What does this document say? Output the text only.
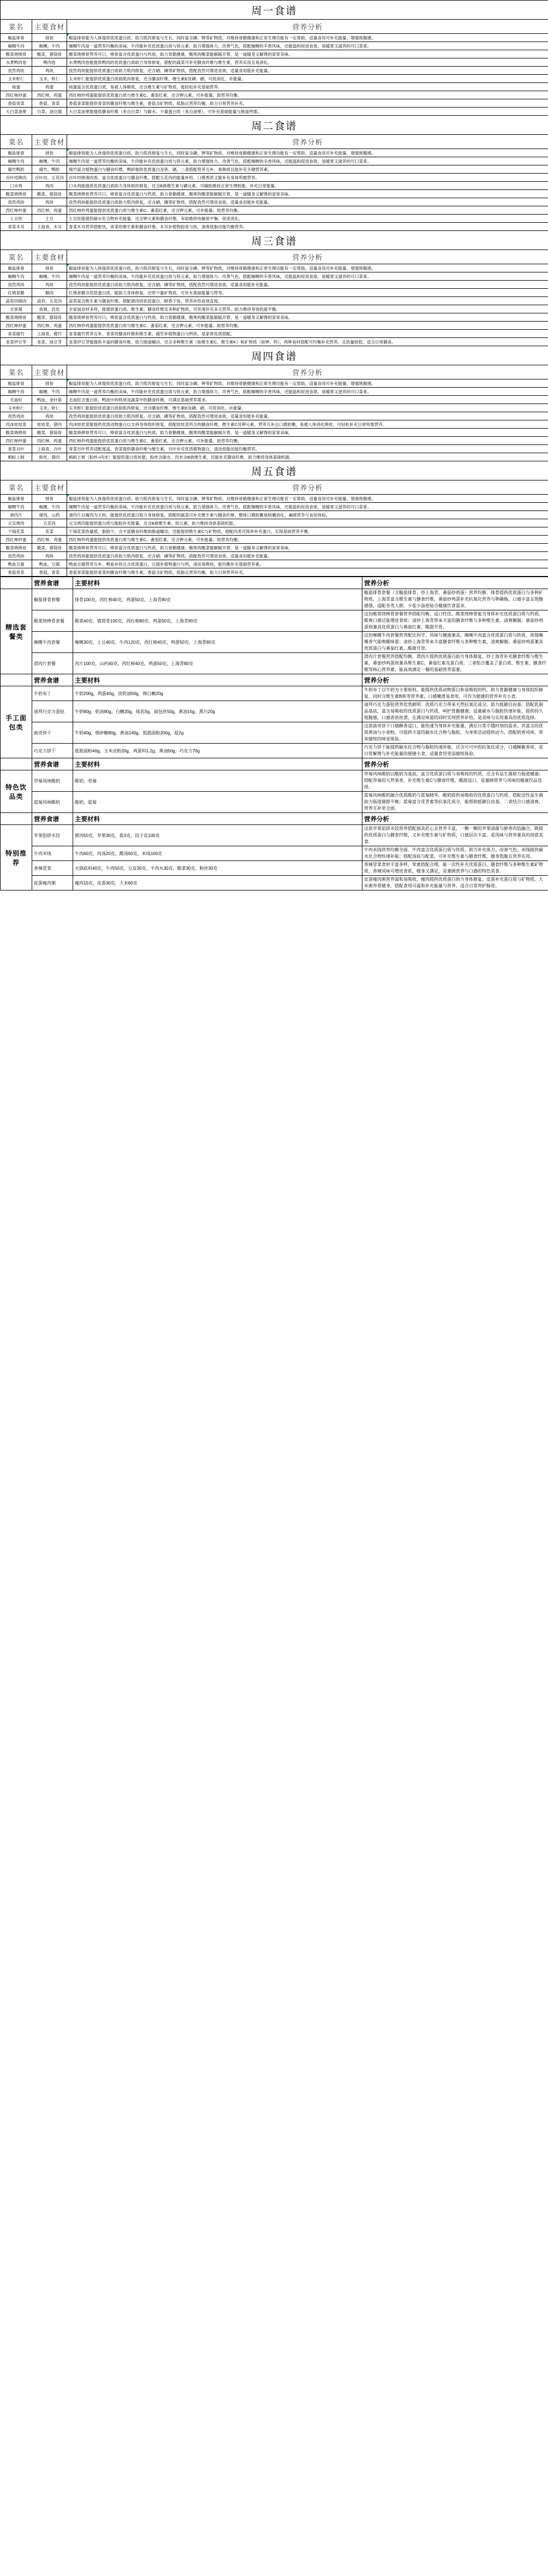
周一食谱		
菜名	主要食材	营养分析
椒盐排骨	排骨	椒盐排骨能为人体提供优质蛋白质，助力肌肉修复与生长，同时富含磷、钾等矿物质，对维持骨骼健康和正常生理功能有一定帮助，适量食用可补充能量、增强饱腹感。
咖喱牛肉	咖喱，牛肉	咖喱牛肉是一道营养均衡的美味，牛肉能补充优质蛋白质与铁元素，助力增强体力、改善气色，搭配咖喱的辛香风味，还能温和促进食欲，是暖胃又滋养的可口菜肴。
酸菜烧棒骨	酸菜，猪筒骨	酸菜烧棒骨营养可口，棒骨富含优质蛋白与钙质，助力骨骼健康，酸爽的酸菜能解腻开胃，是一道暖身又解馋的家常美味。
水煮鸭肉卷	鸭肉卷	水煮鸭肉卷能提供鸭肉的优质蛋白质助力身体修复，搭配的蔬菜可补充膳食纤维与维生素，营养实用且易消化。
孜然鸡块	鸡块	孜然鸡块能提供优质蛋白质助力肌肉修复，还含硒、磷等矿物质，搭配孜然可增进食欲，适量食用能补充能量。
玉米虾仁	玉米，虾仁	玉米虾仁能提供优质蛋白质助肌肉修复，还含膳食纤维、维生素E及磷、硒，可促消化、补能量。
炖蛋	鸡蛋	炖蛋富含优质蛋白质，易被人体吸收，还含维生素与矿物质，能轻松补充基础营养。
西红柿炒蛋	西红柿，鸡蛋	西红柿炒鸡蛋能提供优质蛋白质与维生素C、番茄红素，还含钾元素，可补能量、助营养均衡。
香菇青菜	香菇，青菜	香菇青菜能提供青菜的膳食纤维与维生素，香菇含矿物质，低脂且营养均衡，助力日常营养补充。
大白菜油果	白菜，油豆腐	大白菜油果能提供膳食纤维（来自白菜）与碳水、少量蛋白质（来自油果），可补充基础能量与肠道所需。
周二食谱		
菜名	主要食材	营养分析
椒盐排骨	排骨	椒盐排骨能为人体提供优质蛋白质，助力肌肉修复与生长，同时富含磷、钾等矿物质，对维持骨骼健康和正常生理功能有一定帮助，适量食用可补充能量、增强饱腹感。
咖喱牛肉	咖喱，牛肉	咖喱牛肉是一道营养均衡的美味，牛肉能补充优质蛋白质与铁元素，助力增强体力、改善气色，搭配咖喱的辛香风味，还能温和促进食欲，是暖胃又滋养的可口菜肴。
腐竹鸭胗	腐竹，鸭胗	腐竹富含植物蛋白与膳食纤维，鸭胗提供优质蛋白及铁、硒，二者搭配营养互补，易吸收且能补充关键营养素。
百叶结烧肉	百叶结，五花肉	百叶结吸满肉香，富含优质蛋白与膳食纤维，搭配五花肉的能量补给，口感香浓又能补充身体所需营养。
口水鸡	鸡肉	口水鸡能提供优质蛋白质助力身体组织修复，还含B族维生素与磷元素，可辅助维持正常生理机能，补充日常能量。
酸菜烧棒骨	酸菜，猪筒骨	酸菜烧棒骨营养可口，棒骨富含优质蛋白与钙质，助力骨骼健康，酸爽的酸菜能解腻开胃，是一道暖身又解馋的家常美味。
孜然鸡块	鸡块	孜然鸡块能提供优质蛋白质助力肌肉修复，还含硒、磷等矿物质，搭配孜然可增进食欲，适量食用能补充能量。
西红柿炒蛋	西红柿，鸡蛋	西红柿炒鸡蛋能提供优质蛋白质与维生素C、番茄红素，还含钾元素，可补能量、助营养均衡。
土豆丝	土豆	土豆丝能提供碳水化合物补充能量，还含钾元素和膳食纤维，有助维持电解质平衡、促进消化。
青菜木耳	上海青，木耳	青菜木耳营养搭配忧，青菜给维生素和膳食纤维，木耳补植物胶质与铁，清爽低脂还能均衡营养。
周三食谱		
菜名	主要食材	营养分析
椒盐排骨	排骨	椒盐排骨能为人体提供优质蛋白质，助力肌肉修复与生长，同时富含磷、钾等矿物质，对维持骨骼健康和正常生理功能有一定帮助，适量食用可补充能量、增强饱腹感。
咖喱牛肉	咖喱，牛肉	咖喱牛肉是一道营养均衡的美味，牛肉能补充优质蛋白质与铁元素，助力增强体力、改善气色，搭配咖喱的辛香风味，还能温和促进食欲，是暖胃又滋养的可口菜肴。
孜然鸡块	鸡块	孜然鸡块能提供优质蛋白质助力肌肉修复，还含硒、磷等矿物质，搭配孜然可增进食欲，适量食用能补充能量。
红烧老鹅	鹅肉	红烧老鹅含优质蛋白质，能助力身体修复，还带少量矿物质，可补允基础能量与营养。
蒜苔回锅肉	蒜苔，五花肉	蒜苔富含维生素与膳食纤维，搭配猪肉的优质蛋白，鲜香下饭，营养补给高效直接。
全家福	鱼圆，肉皮	全家福食材多样，能提供蛋白质、维生素、膳食纤维及多种矿物质，可快速补充多元营养，助力维持身体机能平衡。
酸菜烧棒骨	酸菜，猪筒骨	酸菜烧棒骨营养可口，棒骨富含优质蛋白与钙质，助力骨骼健康，酸爽的酸菜能解腻开胃，是一道暖身又解馋的家常美味。
西红柿炒蛋	西红柿，鸡蛋	西红柿炒鸡蛋能提供优质蛋白质与维生素C、番茄红素，还含钾元素，可补能量、助营养均衡。
青菜腐竹	上海青，腐竹	青菜腐竹营养互补，青菜给膳食纤维和维生素，腐竹补植物蛋白与钙铁，是家常优质搭配。
韭菜炒豆芽	韭菜，绿豆芽	韭菜炒豆芽能提供丰富的膳食纤维，助力肠道蠕动，还含多种维生素（如维生素C、维生素K）和矿物质（如钾、钙），两种食材搭配可均衡补充营养，且热量较低，适合日常膳食。
周四食谱		
菜名	主要食材	营养分析
椒盐排骨	排骨	椒盐排骨能为人体提供优质蛋白质，助力肌肉修复与生长，同时富含磷、钾等矿物质，对维持骨骼健康和正常生理功能有一定帮助，适量食用可补充能量、增强饱腹感。
咖喱牛肉	咖喱，牛肉	咖喱牛肉是一道营养均衡的美味，牛肉能补充优质蛋白质与铁元素，助力增强体力、改善气色，搭配咖喱的辛香风味，还能温和促进食欲，是暖胃又滋养的可口菜肴。
毛血旺	鸭血，金针菇	毛血旺含蛋白质、鸭血中的铁质及蔬菜中的膳食纤维，可满足基础营养需求。
玉米虾仁	玉米，虾仁	玉米虾仁能提供优质蛋白质助肌肉修复，还含膳食纤维、维生素E及磷、硒，可促消化、补能量。
孜然鸡块	鸡块	孜然鸡块能提供优质蛋白质助力肌肉修复，还含硒、磷等矿物质，搭配孜然可增进食欲，适量食用能补充能量。
肉沫娃娃菜	娃娃菜，猪肉	肉沫娃娃菜能提供优质动物蛋白以支持身体组织修复，搭配娃娃菜所含的膳食纤维、维生素C及钾元素，营养互补且口感软嫩，易被人体消化吸收，可轻松补充日常所需营养。
酸菜烧棒骨	酸菜，猪筒骨	酸菜烧棒骨营养可口，棒骨富含优质蛋白与钙质，助力骨骼健康，酸爽的酸菜能解腻开胃，是一道暖身又解馋的家常美味。
西红柿炒蛋	西红柿，鸡蛋	西红柿炒鸡蛋能提供优质蛋白质与维生素C、番茄红素，还含钾元素，可补能量、助营养均衡。
青菜百叶	上海青，百叶	青菜百叶营养适配度高，青菜提供膳食纤维与维生素，百叶补充优质植物蛋白，清淡低脂还能均衡营养。
蚂蚁上树	粉丝，猪肉	蚂蚁上树（粉丝+肉末）能提供蛋白质补能，粉丝含碳水、肉末含B族维生素，还能补充膳食纤维，助力维持身体基础机能。
周五食谱		
菜名	主要食材	营养分析
椒盐排骨	排骨	椒盐排骨能为人体提供优质蛋白质，助力肌肉修复与生长，同时富含磷、钾等矿物质，对维持骨骼健康和正常生理功能有一定帮助，适量食用可补充能量、增强饱腹感。
咖喱牛肉	咖喱，牛肉	咖喱牛肉是一道营养均衡的美味，牛肉能补充优质蛋白质与铁元素，助力增强体力、改善气色，搭配咖喱的辛香风味，还能温和促进食欲，是暖胃又滋养的可口菜肴。
滑肉片	猪肉，山药	滑肉片以瘦肉为主料，能提供优质蛋白助力身体修复，搭配的蔬菜可补充维生素与膳食纤维，整体口感软嫩易咀嚼消化，兼顾营养与食用体验。
元宝烧肉	五花肉	元宝烧肉能提供蛋白质与脂肪补充能量，还含B族维生素、铁元素，助力维持身体基础机能。
干锅花菜	花菜	干锅花菜热量低、脂肪少，含丰富膳食纤维助肠道蠕动，还能提供维生素C与矿物质，搭配肉类可简单补充蛋白，实现基础营养平衡。
西红柿炒蛋	西红柿，鸡蛋	西红柿炒鸡蛋能提供优质蛋白质与维生素C、番茄红素，还含钾元素，可补能量、助营养均衡。
酸菜烧棒骨	酸菜，猪筒骨	酸菜烧棒骨营养可口，棒骨富含优质蛋白与钙质，助力骨骼健康，酸爽的酸菜能解腻开胃，是一道暖身又解馋的家常美味。
孜然鸡块	鸡块	孜然鸡块能提供优质蛋白质助力肌肉修复，还含硒、磷等矿物质，搭配孜然可增进食欲，适量食用能补充能量。
鸭血豆腐	鸭血，豆腐	鸭血豆腐营养互补，鸭血补铁且含优质蛋白，豆腐补植物蛋白与钙，清淡易吸收，能均衡补充基础营养素。
香菇青菜	香菇，青菜	香菇青菜能提供青菜的膳食纤维与维生素，香菇含矿物质，低脂且营养均衡，助力日常营养补充。
	营养食谱	主要材料	营养分析
精选套餐类	椒盐排骨套餐	排骨100克，西红柿40克，鸡蛋50克，上海青80克	椒盐排骨套餐（含椒盐排骨、炒上海青、番茄炒鸡蛋）营养均衡，排骨提供优质蛋白与多种矿物质，上海青富含维生素与膳食纤维，番茄炒鸡蛋补充抗氧化营养与卵磷脂，口感丰富且饱腹感强，适配各类人群，少盐少油更贴合健康饮食需求。
	酸菜烧棒骨套餐	酸菜40克，猪筒骨100克，西红柿80克，鸡蛋50克，上海青80克	这份酸菜烧棒骨套餐营养搭配均衡，适口性佳。酸菜烧棒骨能为身体补充优质蛋白质与钙质，酸爽口感还能增进食欲；清炒上海青带来丰富的膳食纤维与多种维生素，清爽解腻；番茄炒鸡蛋则兼具优质蛋白与番茄红素，酸甜开胃。
	咖喱牛肉套餐	咖喱30克，土豆40克，牛肉120克，西红柿40克，鸡蛋50克，上海青80克	这份咖喱牛肉套餐营养配比科学，风味与健康兼具。咖喱牛肉富含优质蛋白质与铁质，浓郁咖喱香气能唤醒味蕾；清炒上海青带来丰富膳食纤维与多种维生素，清爽解腻；番茄炒鸡蛋兼具优质蛋白与番茄红素，酸甜开胃。
	滑肉片套餐	肉片100克，山药40克，西红柿40克，鸡蛋50克，上海青80克	滑肉片套餐营养搭配均衡，滑肉片提供优质蛋白助力身体修复，炒上海青补充膳食纤维与维生素，番茄炒鸡蛋则兼具维生素C、番茄红素及蛋白质，三者组合覆盖了蛋白质、维生素、膳食纤维等核心营养素，能高效满足一餐的基础营养需要。
	营养食谱	主要材料	营养分析
手工面包类	牛奶布丁	牛奶200g，鸡蛋40g，淡奶油50g，绵白糖20g	牛奶布丁以牛奶为主要原料，能提供优质动物蛋白和易吸收的钙，助力骨骼健康与身体组织修复，同时含维生素B族等营养素，口感嫩滑易食用，可作为便捷的营养补充小食。
	迪拜巧克力蛋挞	牛奶80g，奶油90g，白糖20g，炼乳5g，面包丝50g，黄油15g，黑巧20g	迪拜巧克力蛋挞营养优势鲜明：优质巧克力带来天然抗氧化成分，助力抵御自由基；搭配乳制品基底，富含易吸收的优质蛋白与钙质，呵护骨骼健康；适量碳水与脂肪快速补能、提供持久饱腹感，口感香浓丝滑，在满足味蕾的同时实现营养补给，是美味与实用兼具的优质选择。
	曲奇饼干	牛奶40g，细砂糖80g，黄油140g，低筋面粉200g，盐2g	这款曲奇饼干口感酥香适口，能快速为身体补充能量，满足日常小饿时刻的需求。其富含的优质黄油与小麦粉，可提供丰富的碳水化合物与脂肪，为身体活动提供动力，搭配奶香风味，带来愉悦的味觉体验。
	巧克力饼干	低筋面粉40g，玉米淀粉20g，鸡蛋料1.2g，黄油50g，巧克力70g	巧克力饼干能提供碳水化合物与脂肪快速补能，还含可可中的抗氧化成分，口感酥脆香浓，是日常解馋与补充能量的便捷小食，适量食用更添愉悦体验。
	营养食谱	主要材料	营养分析
特色饮品类	草莓风味酸奶	酸奶，草莓	草莓风味酸奶以酸奶为基底，富含优质蛋白质与易吸收的钙质，还含有益生菌助力肠道健康；搭配草莓的天然果香，补充维生素C与膳食纤维，酸甜适口，是兼顾营养与风味的健康饮品选择。
	蓝莓风味酸奶	酸奶，蓝莓	蓝莓风味酸奶融合优质酸奶与蓝莓精华，酸奶提供易吸收的优质蛋白与钙质，搭配活性益生菌助力肠道菌群平衡；蓝莓富含花青素等抗氧化成分，能帮助抵御自由基，二者结合口感清爽，营养互补更全面。
	营养食谱	主要材料	营养分析
特别推荐	苹果馅饼水饺	猪肉50克，苹果30克，盐3克，饺子皮100克	这款苹果馅饼水饺营养搭配独具匠心且营养丰富，一颗一颗的苹果清甜与鲜香肉馅融合，既提供优质蛋白与膳食纤维，又补充维生素与矿物质，口感层次丰富，是风味与营养兼具的创意美食。
	牛肉米线	牛肉60克，肉汤20克，酸汤60克，米线100克	牛肉米线营养均衡全面，牛肉富含优质蛋白质与铁质，助力补充体力、改善气色；米线提供碳水化合物快速补能；搭配汤底与配菜，可补充维生素与膳食纤维，暖身饱腹且营养实用。
	香辣冒菜	火锅底料40克，牛肉50克，豆皮30克，牛肉丸30克，酸菜30克，粉丝30克	香辣冒菜食材丰富多样，荤素搭配合理，能一次性补充优质蛋白、膳食纤维与多种维生素矿物质，香辣风味可增进食欲，暖身又满足，是兼顾营养与口感的特色美食。
	皮蛋瘦肉粥	瘦肉15克，皮蛋30克，大米60克	皮蛋瘦肉粥营养温和易吸收，瘦肉提供优质蛋白助力身体修复，皮蛋补充蛋白质与矿物质，大米粥养胃暖身，搭配食用可温和补充能量与营养，适合日常养护肠胃。
